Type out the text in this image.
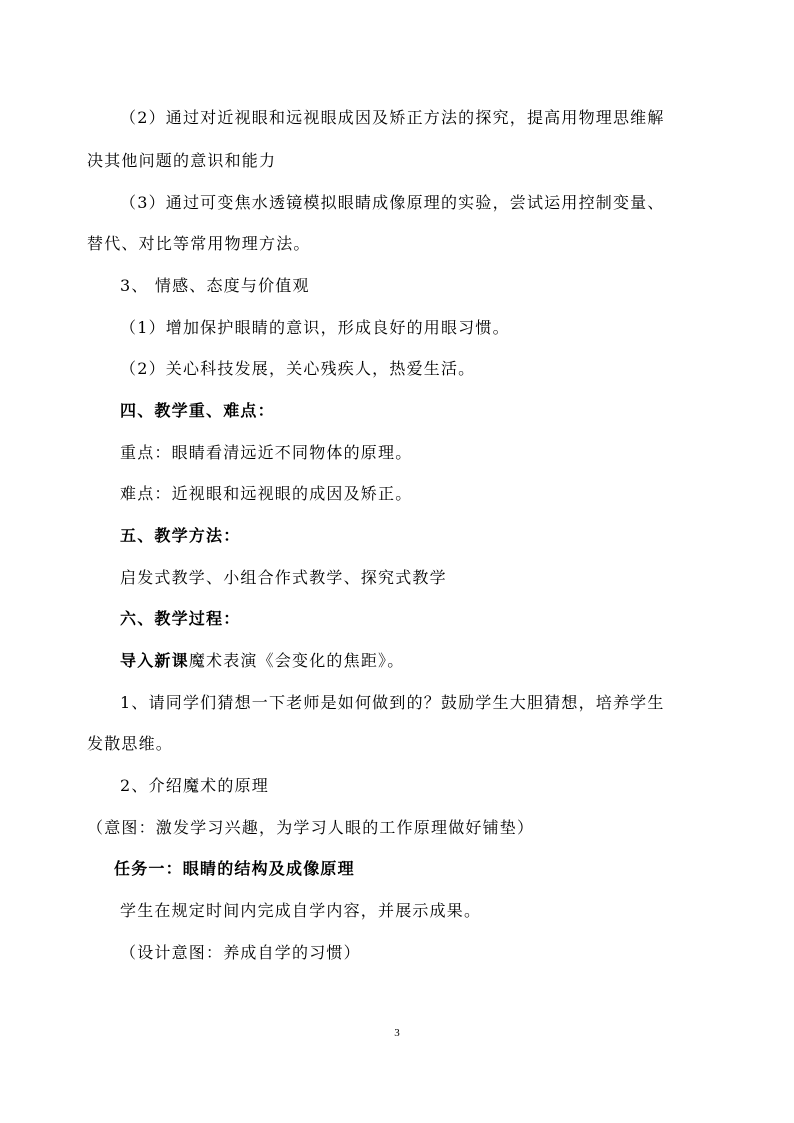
（2）通过对近视眼和远视眼成因及矫正方法的探究，提高用物理思维解
决其他问题的意识和能力
（3）通过可变焦水透镜模拟眼睛成像原理的实验，尝试运用控制变量、
替代、对比等常用物理方法。
3、 情感、态度与价值观
（1）增加保护眼睛的意识，形成良好的用眼习惯。
（2）关心科技发展，关心残疾人，热爱生活。
四、教学重、难点：
重点：眼睛看清远近不同物体的原理。
难点：近视眼和远视眼的成因及矫正。
五、教学方法：
启发式教学、小组合作式教学、探究式教学
六、教学过程：
导入新课魔术表演《会变化的焦距》。
1、请同学们猜想一下老师是如何做到的？鼓励学生大胆猜想，培养学生
发散思维。
2、介绍魔术的原理
（意图：激发学习兴趣，为学习人眼的工作原理做好铺垫）
任务一：眼睛的结构及成像原理
学生在规定时间内完成自学内容，并展示成果。
（设计意图：养成自学的习惯）
3
